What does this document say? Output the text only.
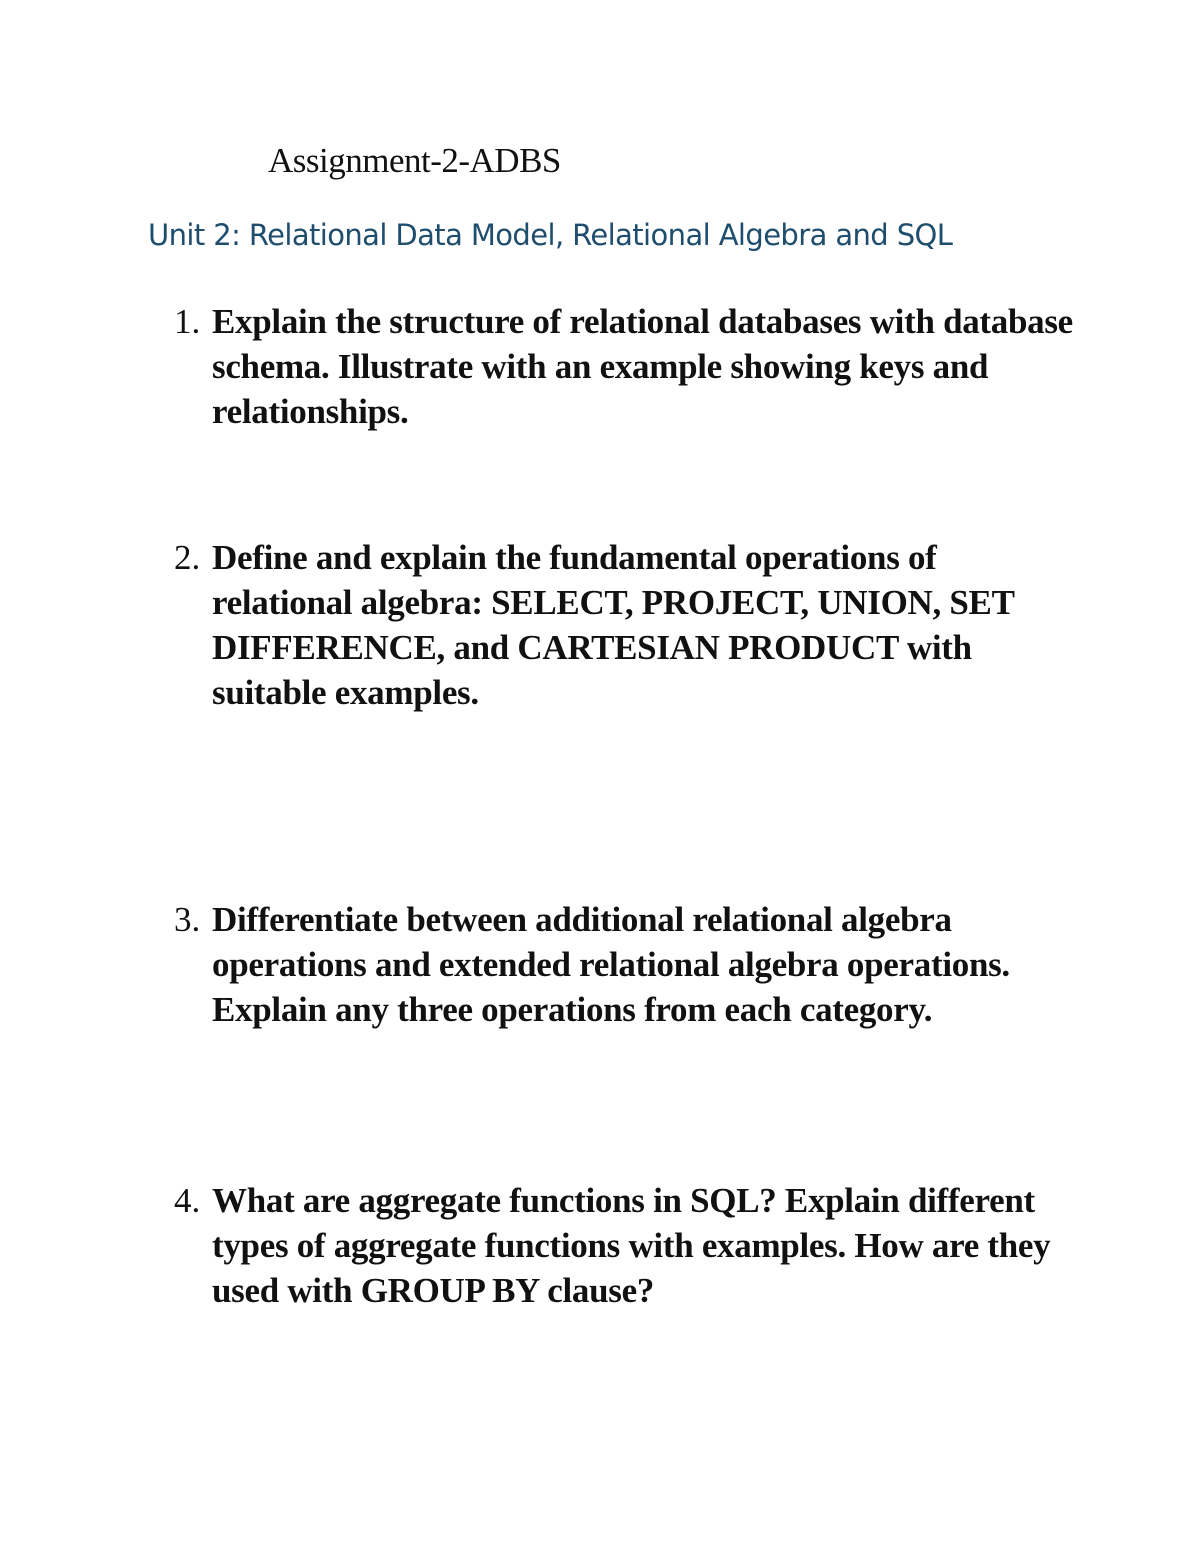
Assignment-2-ADBS
Unit 2: Relational Data Model, Relational Algebra and SQL
1. Explain the structure of relational databases with database schema. Illustrate with an example showing keys and relationships.
2. Define and explain the fundamental operations of relational algebra: SELECT, PROJECT, UNION, SET DIFFERENCE, and CARTESIAN PRODUCT with suitable examples.
3. Differentiate between additional relational algebra operations and extended relational algebra operations. Explain any three operations from each category.
4. What are aggregate functions in SQL? Explain different types of aggregate functions with examples. How are they used with GROUP BY clause?
